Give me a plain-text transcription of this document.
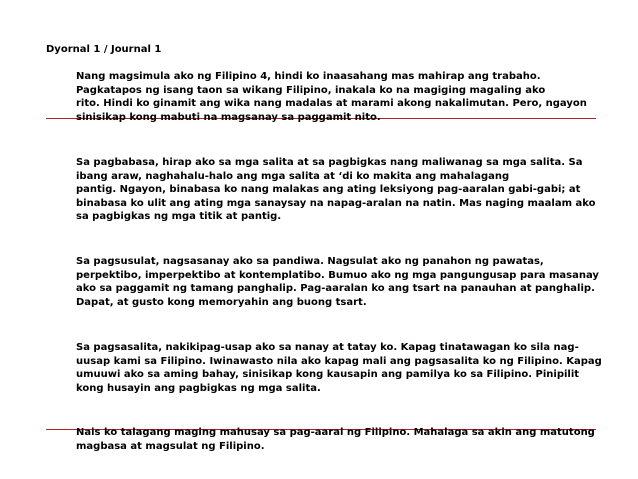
Dyornal 1 / Journal 1
Nang magsimula ako ng Filipino 4, hindi ko inaasahang mas mahirap ang trabaho.
Pagkatapos ng isang taon sa wikang Filipino, inakala ko na magiging magaling ako
rito. Hindi ko ginamit ang wika nang madalas at marami akong nakalimutan. Pero, ngayon
sinisikap kong mabuti na magsanay sa paggamit nito.
Sa pagbabasa, hirap ako sa mga salita at sa pagbigkas nang maliwanag sa mga salita. Sa
ibang araw, naghahalu-halo ang mga salita at ‘di ko makita ang mahalagang
pantig. Ngayon, binabasa ko nang malakas ang ating leksiyong pag-aaralan gabi-gabi; at
binabasa ko ulit ang ating mga sanaysay na napag-aralan na natin. Mas naging maalam ako
sa pagbigkas ng mga titik at pantig.
Sa pagsusulat, nagsasanay ako sa pandiwa. Nagsulat ako ng panahon ng pawatas,
perpektibo, imperpektibo at kontemplatibo. Bumuo ako ng mga pangungusap para masanay
ako sa paggamit ng tamang panghalip. Pag-aaralan ko ang tsart na panauhan at panghalip.
Dapat, at gusto kong memoryahin ang buong tsart.
Sa pagsasalita, nakikipag-usap ako sa nanay at tatay ko. Kapag tinatawagan ko sila nag-
uusap kami sa Filipino. Iwinawasto nila ako kapag mali ang pagsasalita ko ng Filipino. Kapag
umuuwi ako sa aming bahay, sinisikap kong kausapin ang pamilya ko sa Filipino. Pinipilit
kong husayin ang pagbigkas ng mga salita.
Nais ko talagang maging mahusay sa pag-aaral ng Filipino. Mahalaga sa akin ang matutong
magbasa at magsulat ng Filipino.
